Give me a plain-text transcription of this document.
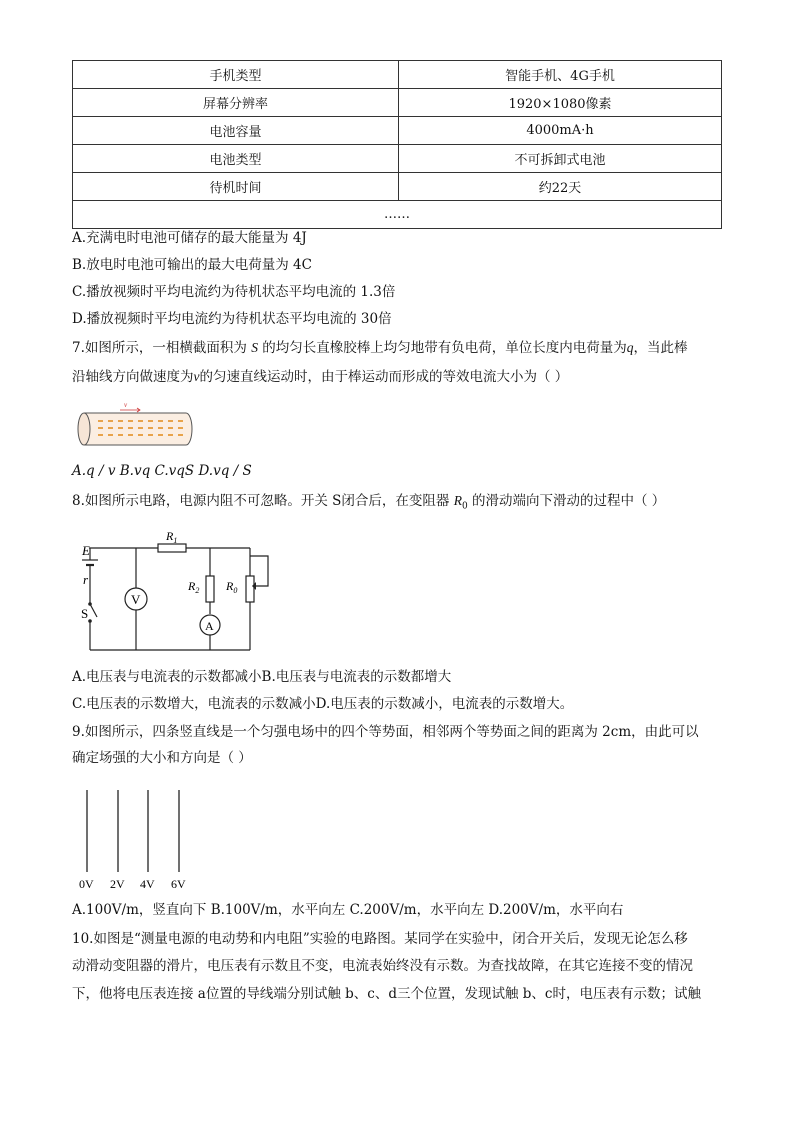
手机类型	智能手机、4G手机
屏幕分辨率	1920×1080像素
电池容量	4000mA·h
电池类型	不可拆卸式电池
待机时间	约22天
……	
A.充满电时电池可储存的最大能量为 4J
B.放电时电池可输出的最大电荷量为 4C
C.播放视频时平均电流约为待机状态平均电流的 1.3倍
D.播放视频时平均电流约为待机状态平均电流的 30倍
7.如图所示，一相横截面积为 S 的均匀长直橡胶棒上均匀地带有负电荷，单位长度内电荷量为q，当此棒
沿轴线方向做速度为v的匀速直线运动时，由于棒运动而形成的等效电流大小为（ ）
v
A.q / v B.vq C.vqS D.vq / S
8.如图所示电路，电源内阻不可忽略。开关 S闭合后，在变阻器 $R_0$ 的滑动端向下滑动的过程中（ ）
$R_1$
$R_2$ $R_0$
E
r
S
V
A
A.电压表与电流表的示数都减小B.电压表与电流表的示数都增大
C.电压表的示数增大，电流表的示数减小D.电压表的示数减小，电流表的示数增大。
9.如图所示，四条竖直线是一个匀强电场中的四个等势面，相邻两个等势面之间的距离为 2cm，由此可以
确定场强的大小和方向是（ ）
0V 2V 4V 6V
A.100V/m，竖直向下 B.100V/m，水平向左 C.200V/m，水平向左 D.200V/m，水平向右
10.如图是“测量电源的电动势和内电阻”实验的电路图。某同学在实验中，闭合开关后，发现无论怎么移
动滑动变阻器的滑片，电压表有示数且不变，电流表始终没有示数。为查找故障，在其它连接不变的情况
下，他将电压表连接 a位置的导线端分别试触 b、c、d三个位置，发现试触 b、c时，电压表有示数；试触
